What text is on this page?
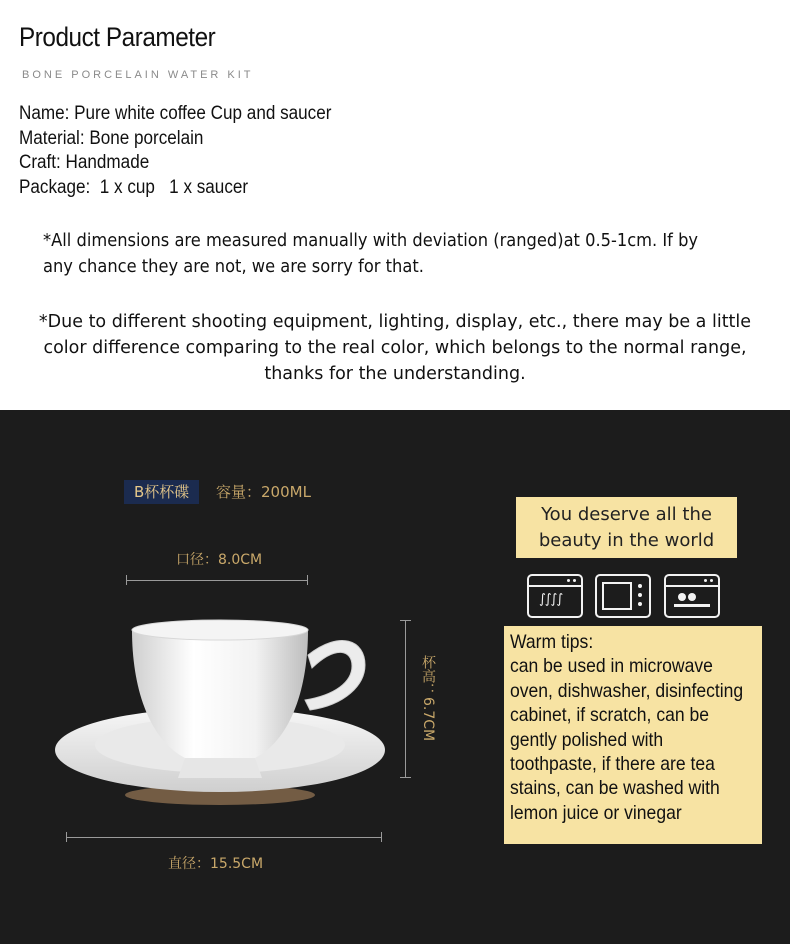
Product Parameter
BONE PORCELAIN WATER KIT
Name: Pure white coffee Cup and saucer
Material: Bone porcelain
Craft: Handmade
Package:  1 x cup   1 x saucer
*All dimensions are measured manually with deviation (ranged)at 0.5-1cm. If by any chance they are not, we are sorry for that.
*Due to different shooting equipment, lighting, display, etc., there may be a little color difference comparing to the real color, which belongs to the normal range, thanks for the understanding.
B杯杯碟	容量：200ML
口径：8.0CM
杯高：6.7CM
直径：15.5CM
You deserve all the beauty in the world
∫∫∫∫
Warm tips:
can be used in microwave oven, dishwasher, disinfecting cabinet, if scratch, can be gently polished with toothpaste, if there are tea stains, can be washed with lemon juice or vinegar
